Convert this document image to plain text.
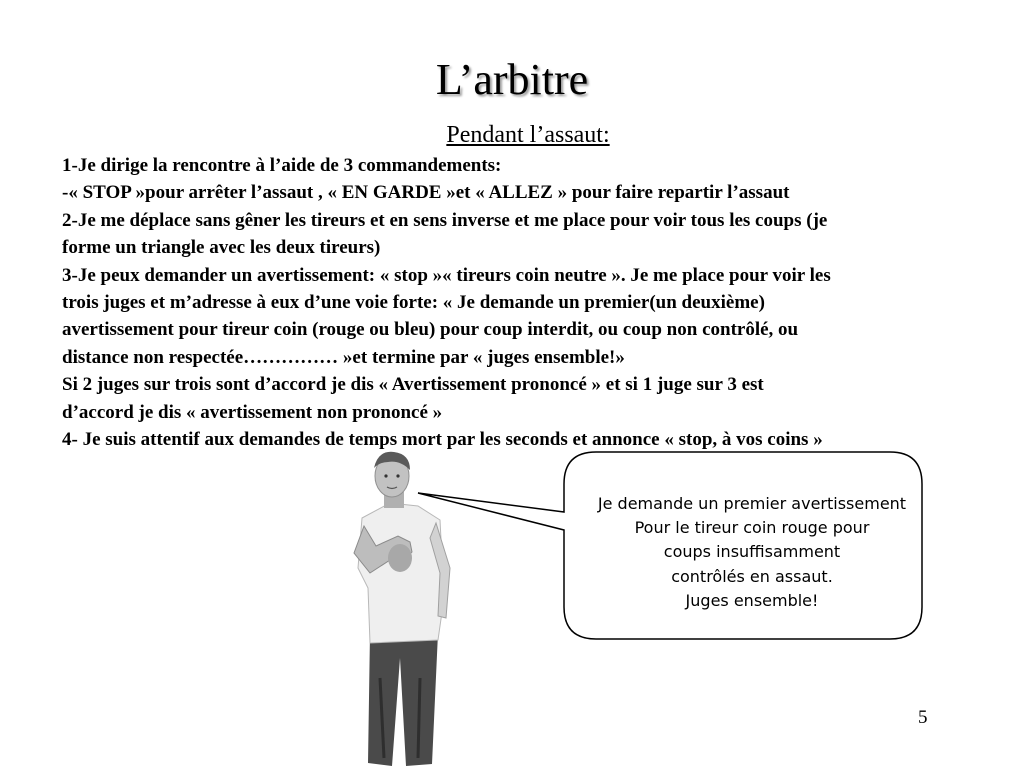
L’arbitre
Pendant l’assaut:

1-Je dirige la rencontre à l’aide de 3 commandements:

-« STOP »pour arrêter l’assaut , « EN GARDE »et « ALLEZ » pour faire repartir l’assaut

2-Je me déplace sans gêner les tireurs et en sens inverse et me place pour voir tous les coups (je

forme un triangle avec les deux tireurs)

3-Je peux demander un avertissement: « stop »« tireurs coin neutre ». Je me place pour voir les

trois juges et m’adresse à eux d’une voie forte: « Je demande un premier(un deuxième)

avertissement pour tireur coin (rouge ou bleu) pour coup interdit, ou coup non contrôlé, ou

distance non respectée…………… »et termine par « juges ensemble!»

Si 2 juges sur trois sont d’accord je dis « Avertissement prononcé » et si 1 juge sur 3 est

d’accord je dis « avertissement non prononcé »

4- Je suis attentif aux demandes de temps mort par les seconds et annonce « stop, à vos coins »

Je demande un premier avertissement
Pour le tireur coin rouge pour
coups insuffisamment
contrôlés en assaut.
Juges ensemble!
5
